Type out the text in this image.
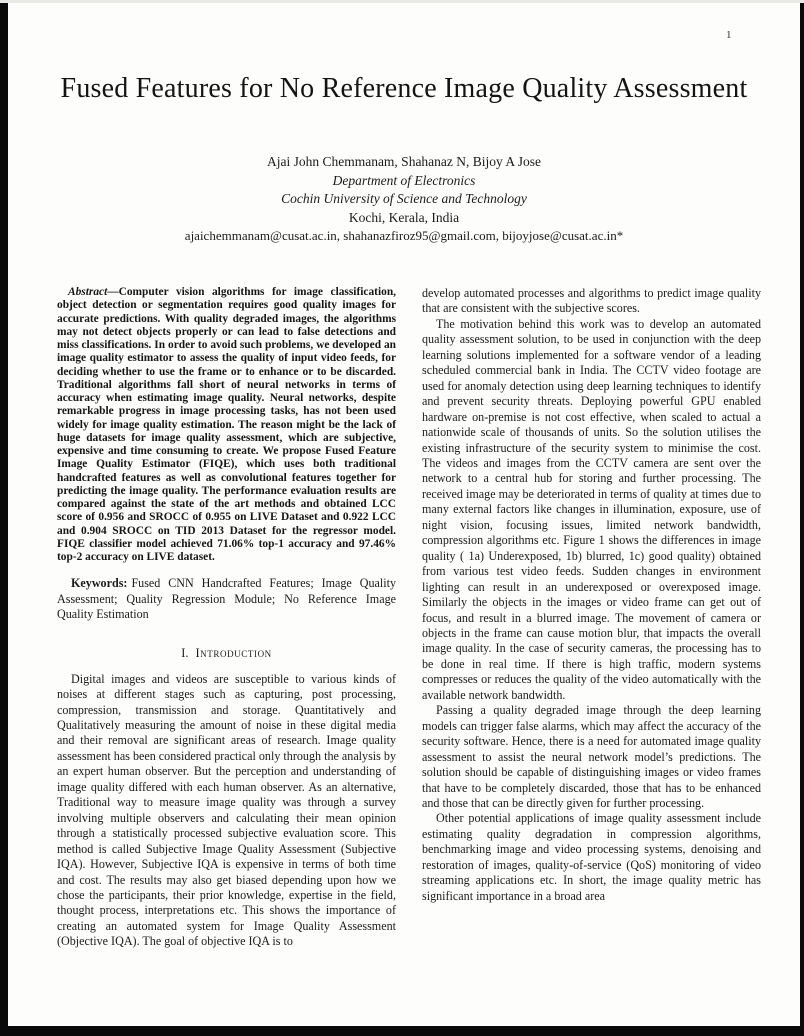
1
Fused Features for No Reference Image Quality Assessment
Ajai John Chemmanam, Shahanaz N, Bijoy A Jose
Department of Electronics
Cochin University of Science and Technology
Kochi, Kerala, India
ajaichemmanam@cusat.ac.in, shahanazfiroz95@gmail.com, bijoyjose@cusat.ac.in*

Abstract—Computer vision algorithms for image classification, object detection or segmentation requires good quality images for accurate predictions. With quality degraded images, the algorithms may not detect objects properly or can lead to false detections and miss classifications. In order to avoid such problems, we developed an image quality estimator to assess the quality of input video feeds, for deciding whether to use the frame or to enhance or to be discarded. Traditional algorithms fall short of neural networks in terms of accuracy when estimating image quality. Neural networks, despite remarkable progress in image processing tasks, has not been used widely for image quality estimation. The reason might be the lack of huge datasets for image quality assessment, which are subjective, expensive and time consuming to create. We propose Fused Feature Image Quality Estimator (FIQE), which uses both traditional handcrafted features as well as convolutional features together for predicting the image quality. The performance evaluation results are compared against the state of the art methods and obtained LCC score of 0.956 and SROCC of 0.955 on LIVE Dataset and 0.922 LCC and 0.904 SROCC on TID 2013 Dataset for the regressor model. FIQE classifier model achieved 71.06% top-1 accuracy and 97.46% top-2 accuracy on LIVE dataset.

Keywords: Fused CNN Handcrafted Features; Image Quality Assessment; Quality Regression Module; No Reference Image Quality Estimation

I. Introduction

Digital images and videos are susceptible to various kinds of noises at different stages such as capturing, post processing, compression, transmission and storage. Quantitatively and Qualitatively measuring the amount of noise in these digital media and their removal are significant areas of research. Image quality assessment has been considered practical only through the analysis by an expert human observer. But the perception and understanding of image quality differed with each human observer. As an alternative, Traditional way to measure image quality was through a survey involving multiple observers and calculating their mean opinion through a statistically processed subjective evaluation score. This method is called Subjective Image Quality Assessment (Subjective IQA). However, Subjective IQA is expensive in terms of both time and cost. The results may also get biased depending upon how we chose the participants, their prior knowledge, expertise in the field, thought process, interpretations etc. This shows the importance of creating an automated system for Image Quality Assessment (Objective IQA). The goal of objective IQA is to

develop automated processes and algorithms to predict image quality that are consistent with the subjective scores.

The motivation behind this work was to develop an automated quality assessment solution, to be used in conjunction with the deep learning solutions implemented for a software vendor of a leading scheduled commercial bank in India. The CCTV video footage are used for anomaly detection using deep learning techniques to identify and prevent security threats. Deploying powerful GPU enabled hardware on-premise is not cost effective, when scaled to actual a nationwide scale of thousands of units. So the solution utilises the existing infrastructure of the security system to minimise the cost. The videos and images from the CCTV camera are sent over the network to a central hub for storing and further processing. The received image may be deteriorated in terms of quality at times due to many external factors like changes in illumination, exposure, use of night vision, focusing issues, limited network bandwidth, compression algorithms etc. Figure 1 shows the differences in image quality ( 1a) Underexposed, 1b) blurred, 1c) good quality) obtained from various test video feeds. Sudden changes in environment lighting can result in an underexposed or overexposed image. Similarly the objects in the images or video frame can get out of focus, and result in a blurred image. The movement of camera or objects in the frame can cause motion blur, that impacts the overall image quality. In the case of security cameras, the processing has to be done in real time. If there is high traffic, modern systems compresses or reduces the quality of the video automatically with the available network bandwidth.

Passing a quality degraded image through the deep learning models can trigger false alarms, which may affect the accuracy of the security software. Hence, there is a need for automated image quality assessment to assist the neural network model’s predictions. The solution should be capable of distinguishing images or video frames that have to be completely discarded, those that has to be enhanced and those that can be directly given for further processing.

Other potential applications of image quality assessment include estimating quality degradation in compression algorithms, benchmarking image and video processing systems, denoising and restoration of images, quality-of-service (QoS) monitoring of video streaming applications etc. In short, the image quality metric has significant importance in a broad area
